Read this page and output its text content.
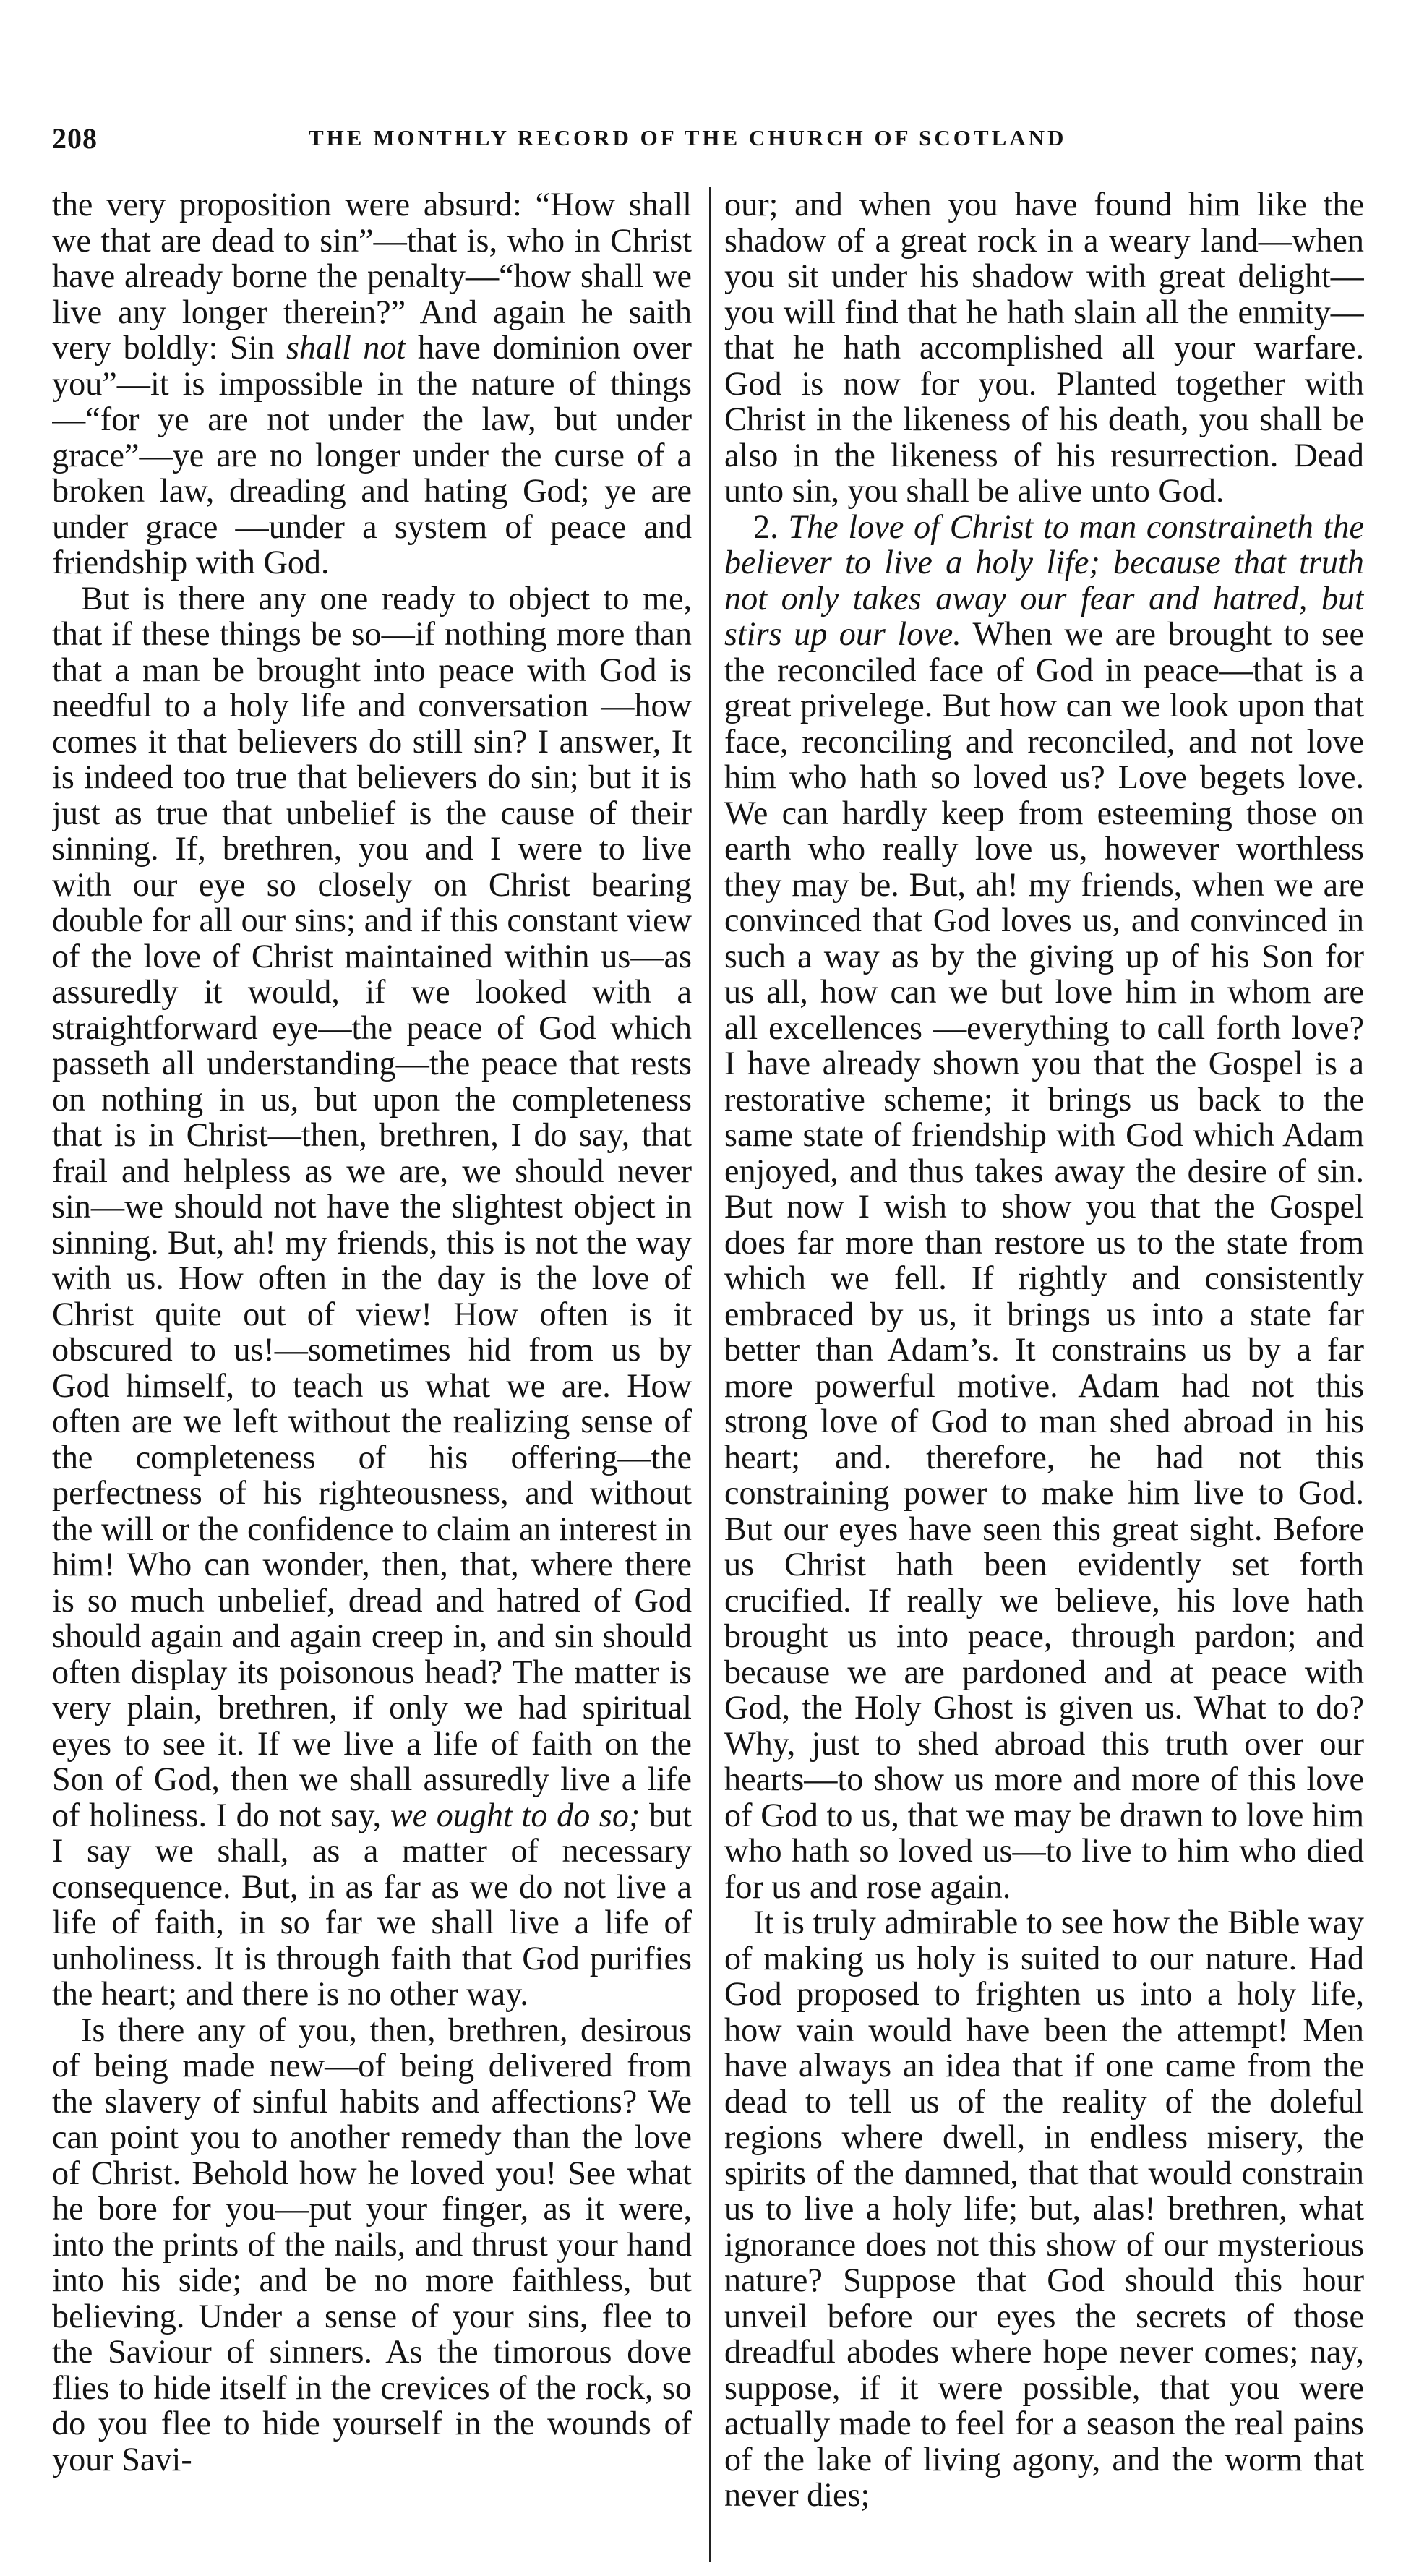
208	THE MONTHLY RECORD OF THE CHURCH OF SCOTLAND

the very proposition were absurd: “How shall we that are dead to sin”—that is, who in Christ have already borne the penalty—“how shall we live any longer therein?” And again he saith very boldly: Sin shall not have dominion over you”—it is impossible in the nature of things—“for ye are not under the law, but under grace”—ye are no longer under the curse of a broken law, dreading and hating God; ye are under grace —under a system of peace and friendship with God.

But is there any one ready to object to me, that if these things be so—if nothing more than that a man be brought into peace with God is needful to a holy life and conversation —how comes it that believers do still sin? I answer, It is indeed too true that believers do sin; but it is just as true that unbelief is the cause of their sinning. If, brethren, you and I were to live with our eye so closely on Christ bearing double for all our sins; and if this constant view of the love of Christ maintained within us—as assuredly it would, if we looked with a straightforward eye—the peace of God which passeth all understanding—the peace that rests on nothing in us, but upon the completeness that is in Christ—then, brethren, I do say, that frail and helpless as we are, we should never sin—we should not have the slightest object in sinning. But, ah! my friends, this is not the way with us. How often in the day is the love of Christ quite out of view! How often is it obscured to us!—sometimes hid from us by God himself, to teach us what we are. How often are we left without the realizing sense of the completeness of his offering—the perfectness of his righteousness, and without the will or the confidence to claim an interest in him! Who can wonder, then, that, where there is so much unbelief, dread and hatred of God should again and again creep in, and sin should often display its poisonous head? The matter is very plain, brethren, if only we had spiritual eyes to see it. If we live a life of faith on the Son of God, then we shall assuredly live a life of holiness. I do not say, we ought to do so; but I say we shall, as a matter of necessary consequence. But, in as far as we do not live a life of faith, in so far we shall live a life of unholiness. It is through faith that God purifies the heart; and there is no other way.

Is there any of you, then, brethren, desirous of being made new—of being delivered from the slavery of sinful habits and affections? We can point you to another remedy than the love of Christ. Behold how he loved you! See what he bore for you—put your finger, as it were, into the prints of the nails, and thrust your hand into his side; and be no more faithless, but believing. Under a sense of your sins, flee to the Saviour of sinners. As the timorous dove flies to hide itself in the crevices of the rock, so do you flee to hide yourself in the wounds of your Savi-

our; and when you have found him like the shadow of a great rock in a weary land—when you sit under his shadow with great delight—you will find that he hath slain all the enmity—that he hath accomplished all your warfare. God is now for you. Planted together with Christ in the likeness of his death, you shall be also in the likeness of his resurrection. Dead unto sin, you shall be alive unto God.

2. The love of Christ to man constraineth the believer to live a holy life; because that truth not only takes away our fear and hatred, but stirs up our love. When we are brought to see the reconciled face of God in peace—that is a great privelege. But how can we look upon that face, reconciling and reconciled, and not love him who hath so loved us? Love begets love. We can hardly keep from esteeming those on earth who really love us, however worthless they may be. But, ah! my friends, when we are convinced that God loves us, and convinced in such a way as by the giving up of his Son for us all, how can we but love him in whom are all excellences —everything to call forth love? I have already shown you that the Gospel is a restorative scheme; it brings us back to the same state of friendship with God which Adam enjoyed, and thus takes away the desire of sin. But now I wish to show you that the Gospel does far more than restore us to the state from which we fell. If rightly and consistently embraced by us, it brings us into a state far better than Adam’s. It constrains us by a far more powerful motive. Adam had not this strong love of God to man shed abroad in his heart; and. therefore, he had not this constraining power to make him live to God. But our eyes have seen this great sight. Before us Christ hath been evidently set forth crucified. If really we believe, his love hath brought us into peace, through pardon; and because we are pardoned and at peace with God, the Holy Ghost is given us. What to do? Why, just to shed abroad this truth over our hearts—to show us more and more of this love of God to us, that we may be drawn to love him who hath so loved us—to live to him who died for us and rose again.

It is truly admirable to see how the Bible way of making us holy is suited to our nature. Had God proposed to frighten us into a holy life, how vain would have been the attempt! Men have always an idea that if one came from the dead to tell us of the reality of the doleful regions where dwell, in endless misery, the spirits of the damned, that that would constrain us to live a holy life; but, alas! brethren, what ignorance does not this show of our mysterious nature? Suppose that God should this hour unveil before our eyes the secrets of those dreadful abodes where hope never comes; nay, suppose, if it were possible, that you were actually made to feel for a season the real pains of the lake of living agony, and the worm that never dies;
